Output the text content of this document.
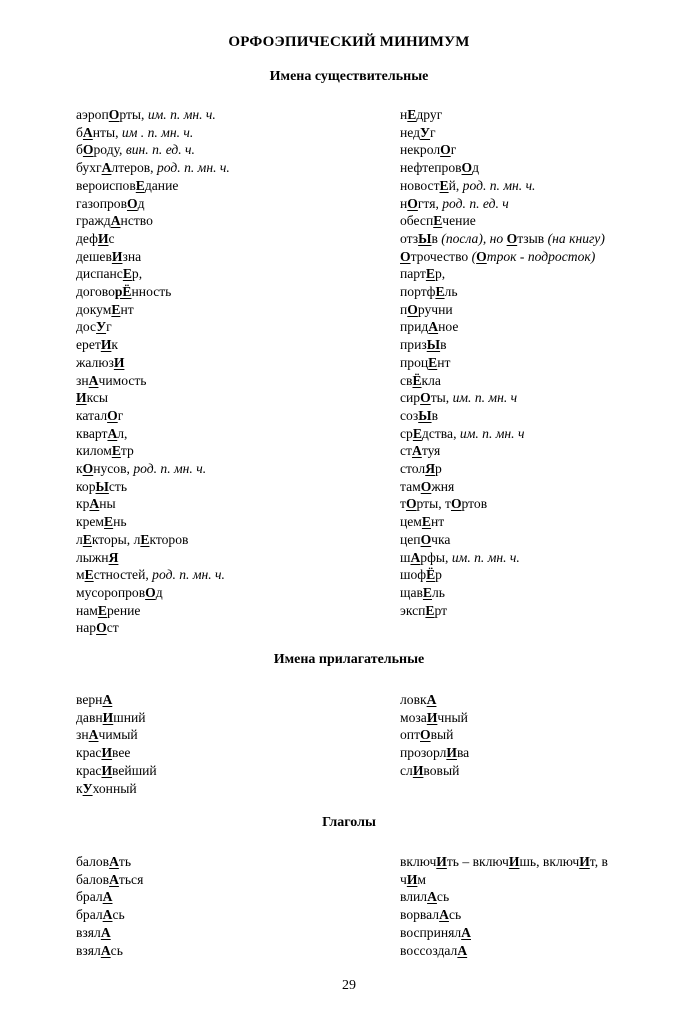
ОРФОЭПИЧЕСКИЙ МИНИМУМ
Имена существительные
аэропОрты, им. п. мн. ч.
бАнты, им . п. мн. ч.
бОроду, вин. п. ед. ч.
бухгАлтеров, род. п. мн. ч.
вероисповЕдание
газопровОд
граждАнство
дефИс
дешевИзна
диспансЕр,
договорЁнность
докумЕнт
досУг
еретИк
жалюзИ
знАчимость
Иксы
каталОг
квартАл,
киломЕтр
кОнусов, род. п. мн. ч.
корЫсть
крАны
кремЕнь
лЕкторы, лЕкторов
лыжнЯ
мЕстностей, род. п. мн. ч.
мусоропровОд
намЕрение
нарОст
нЕдруг
недУг
некролОг
нефтепровОд
новостЕй, род. п. мн. ч.
нОгтя, род. п. ед. ч
обеспЕчение
отзЫв (посла), но Отзыв (на книгу)
Отрочество (Отрок - подросток)
партЕр,
портфЕль
пОручни
придАное
призЫв
процЕнт
свЁкла
сирОты, им. п. мн. ч
созЫв
срЕдства, им. п. мн. ч
стАтуя
столЯр
тамОжня
тОрты, тОртов
цемЕнт
цепОчка
шАрфы, им. п. мн. ч.
шофЁр
щавЕль
экспЕрт
Имена прилагательные
вернА
давнИшний
знАчимый
красИвее
красИвейший
кУхонный
ловкА
мозаИчный
оптОвый
прозорлИва
слИвовый
Глаголы
баловАть
баловАться
бралА
бралАсь
взялА
взялАсь
включИть – включИшь, включИт, в
чИм
влилАсь
ворвалАсь
воспринялА
воссоздалА
29
